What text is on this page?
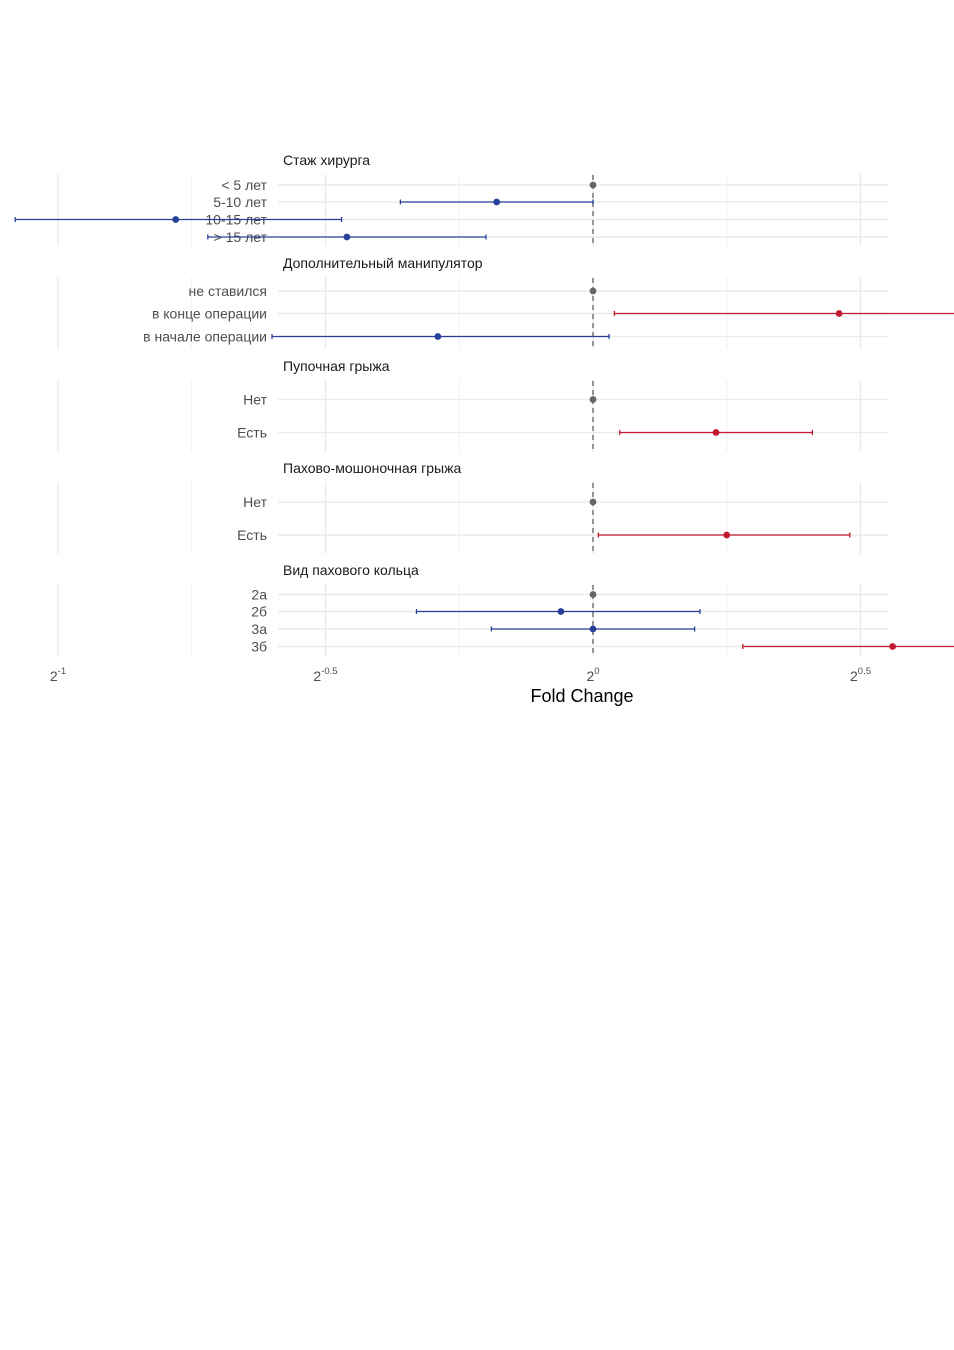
Стаж хирурга
< 5 лет
5-10 лет
10-15 лет
> 15 лет
Дополнительный манипулятор
не ставился
в конце операции
в начале операции
Пупочная грыжа
Нет
Есть
Пахово-мошоночная грыжа
Нет
Есть
Вид пахового кольца
2а
2б
3а
3б
$2^{-1}$	$2^{-0.5}$	$2^0$	$2^{0.5}$
Fold Change
